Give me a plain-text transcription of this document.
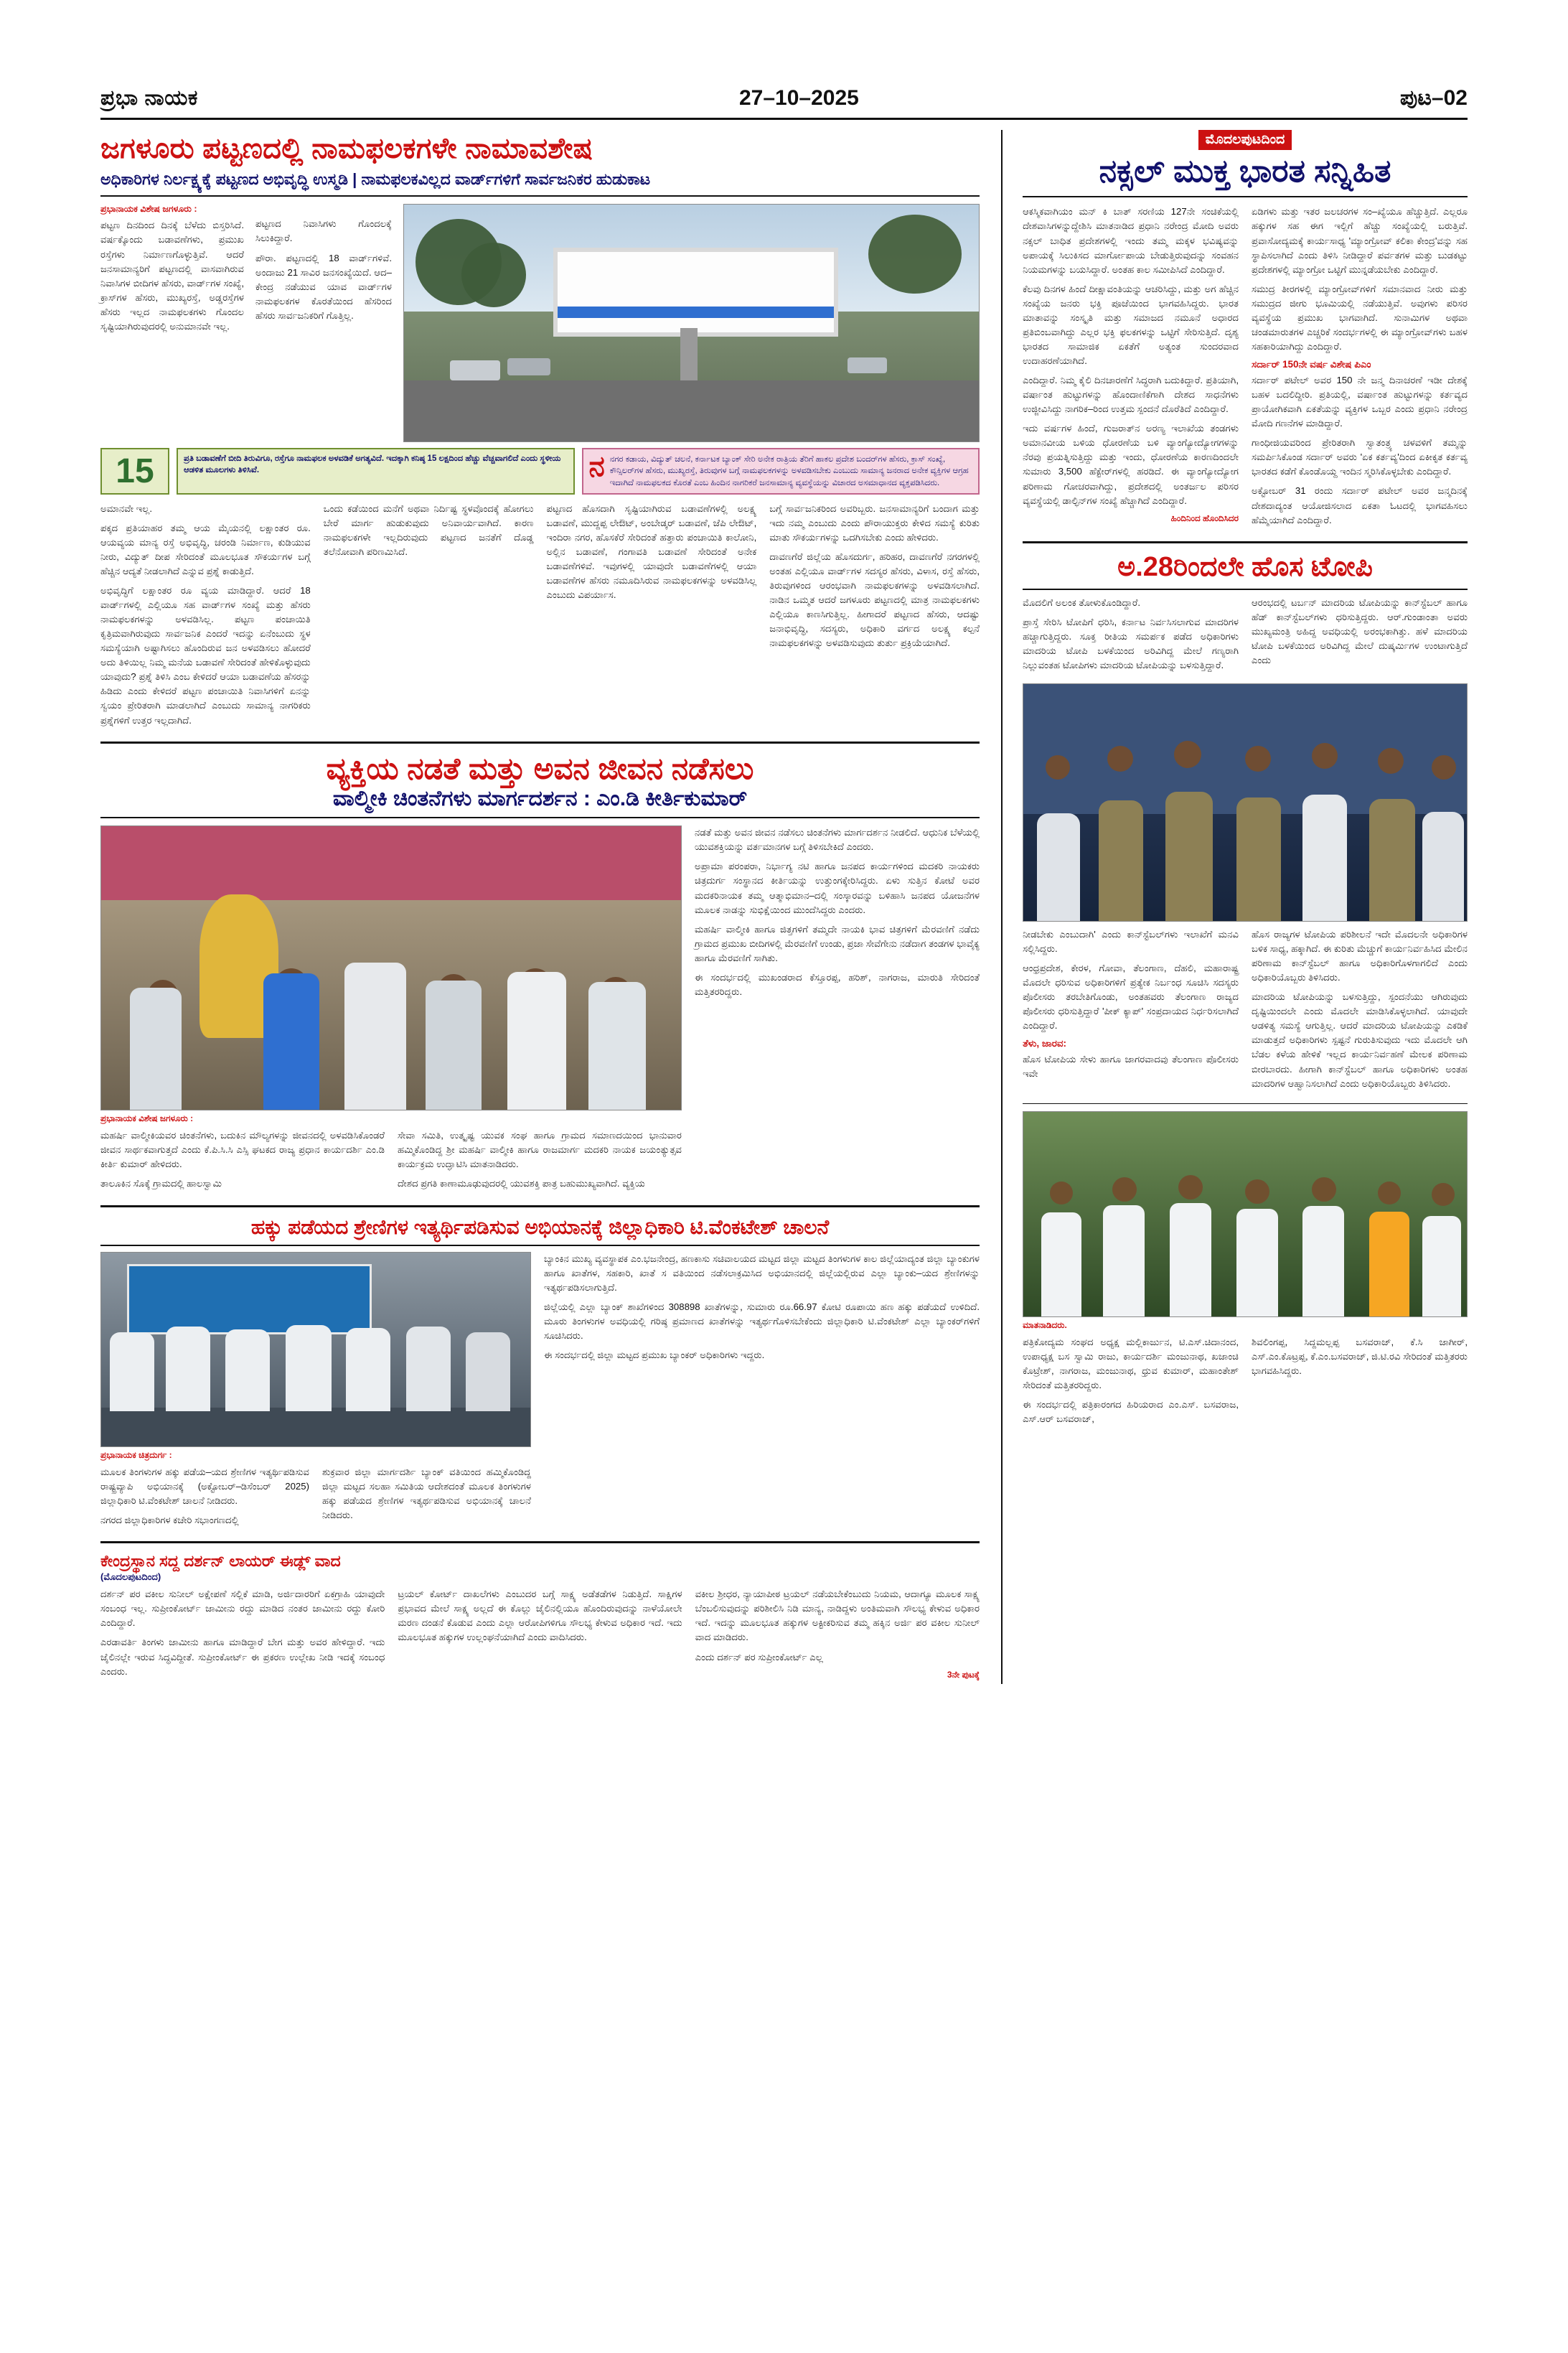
ಪ್ರಭಾ ನಾಯಕ	27–10–2025	ಪುಟ–02
ಜಗಳೂರು ಪಟ್ಟಣದಲ್ಲಿ ನಾಮಫಲಕಗಳೇ ನಾಮಾವಶೇಷ
ಅಧಿಕಾರಿಗಳ ನಿರ್ಲಕ್ಷ್ಯಕ್ಕೆ ಪಟ್ಟಣದ ಅಭಿವೃದ್ಧಿ ಉಸ್ಮಡಿ | ನಾಮಫಲಕವಿಲ್ಲದ ವಾರ್ಡ್‌ಗಳಿಗೆ ಸಾರ್ವಜನಿಕರ ಹುಡುಕಾಟ
ಪ್ರಭಾನಾಯಕ ವಿಶೇಷ ಜಗಳೂರು :

ಪಟ್ಟಣ ದಿನದಿಂದ ದಿನಕ್ಕೆ ಬೆಳೆದು ಬಿಸ್ತರಿಸಿದೆ. ವರ್ಷಕ್ಕೊಂದು ಬಡಾವಣೆಗಳು, ಪ್ರಮುಖ ರಸ್ತೆಗಳು ನಿರ್ಮಾಣಗೊಳ್ಳುತ್ತಿವೆ. ಆದರೆ ಜನಸಾಮಾನ್ಯರಿಗೆ ಪಟ್ಟಣದಲ್ಲಿ ವಾಸವಾಗಿರುವ ನಿವಾಸಿಗಳ ಬೀದಿಗಳ ಹೆಸರು, ವಾರ್ಡ್‌ಗಳ ಸಂಖ್ಯೆ, ಕ್ರಾಸ್‌ಗಳ ಹೆಸರು, ಮುಖ್ಯರಸ್ತೆ, ಅಡ್ಡರಸ್ತೆಗಳ ಹೆಸರು ಇಲ್ಲದ ನಾಮಫಲಕಗಳು ಗೊಂದಲ ಸೃಷ್ಟಿಯಾಗಿರುವುದರಲ್ಲಿ ಅನುಮಾನವೇ ಇಲ್ಲ.

ಪಟ್ಟಣದ ನಿವಾಸಿಗಳು ಗೊಂದಲಕ್ಕೆ ಸಿಲುಕಿದ್ದಾರೆ.

ಪೌರಾ. ಪಟ್ಟಣದಲ್ಲಿ 18 ವಾರ್ಡ್‌ಗಳಿವೆ. ಅಂದಾಜು 21 ಸಾವಿರ ಜನಸಂಖ್ಯೆಯಿದೆ. ಆದ–ಕೇಂದ್ರ ನಡೆಯುವ ಯಾವ ವಾರ್ಡ್‌ಗಳ ನಾಮಫಲಕಗಳ ಕೊರತೆಯಿಂದ ಹೆಸರಿಂದ ಹೆಸರು ಸಾರ್ವಜನಿಕರಿಗೆ ಗೊತ್ತಿಲ್ಲ.

15	ಪ್ರತಿ ಬಡಾವಣೆಗೆ ಬೀದಿ ತಿರುವಿಗೂ, ರಸ್ತೆಗೂ ನಾಮಫಲಕ ಅಳವಡಿಕೆ ಅಗತ್ಯವಿದೆ. ಇದಕ್ಕಾಗಿ ಕನಿಷ್ಠ 15 ಲಕ್ಷದಿಂದ ಹೆಚ್ಚು ವೆಚ್ಚವಾಗಲಿದೆ ಎಂದು ಸ್ಥಳೀಯ ಆಡಳಿತ ಮೂಲಗಳು ತಿಳಿಸಿವೆ.	ನ ನಗರ ಕಡಾಯ, ವಿದ್ಯುತ್ ಚಲನೆ, ಕರ್ನಾಟಕ ಬ್ಯಾಂಕ್ ಸೇರಿ ಅನೇಕ ರಾತ್ರಿಯ ತೆರಿಗೆ ಹಾಕಲ ಪ್ರದೇಶ ಬಂದರ್‌ಗಳ ಹೆಸರು, ಕ್ರಾಸ್ ಸಂಖ್ಯೆ, ಕೌನ್ಸಿಲರ್‌ಗಳ ಹೆಸರು, ಮುಖ್ಯರಸ್ತೆ, ತಿರುವುಗಳ ಬಗ್ಗೆ ನಾಮಫಲಕಗಳನ್ನು ಅಳವಡಿಸಬೇಕು ಎಂಬುದು ಸಾಮಾನ್ಯ ಜನರಾದ ಅನೇಕ ವ್ಯಕ್ತಿಗಳ ಆಗ್ರಹ ಇದಾಗಿದೆ ನಾಮಫಲಕದ ಕೊರತೆ ಎಂಬ ಹಿಂದಿನ ನಾಗರಿಕರೆ ಜನಸಾಮಾನ್ಯ ವ್ಯವಸ್ಥೆಯನ್ನು ವಿಚಾರದ ಅಸಮಾಧಾನದ ವ್ಯಕ್ತಪಡಿಸಿದರು.

ಅಮಾನವೇ ಇಲ್ಲ.

ಪಕ್ಕದ ಪ್ರತಿಯಾಹರ ತಮ್ಮ ಆಯ ಮೈಯನಲ್ಲಿ ಲಕ್ಷಾಂತರ ರೂ. ಆಯವ್ಯಯ ಮಾನ್ಯ ರಸ್ತೆ ಅಭಿವೃದ್ಧಿ, ಚರಂಡಿ ನಿರ್ಮಾಣ, ಕುಡಿಯುವ ನೀರು, ವಿದ್ಯುತ್ ದೀಪ ಸೇರಿದಂತೆ ಮೂಲಭೂತ ಸೌಕರ್ಯಗಳ ಬಗ್ಗೆ ಹೆಚ್ಚಿನ ಆದ್ಯತೆ ನೀಡಲಾಗಿದೆ ಎನ್ನುವ ಪ್ರಶ್ನೆ ಕಾಡುತ್ತಿದೆ.

ಅಭಿವೃದ್ಧಿಗೆ ಲಕ್ಷಾಂತರ ರೂ ವ್ಯಯ ಮಾಡಿದ್ದಾರೆ. ಆದರೆ 18 ವಾರ್ಡ್‌ಗಳಲ್ಲಿ ಎಲ್ಲಿಯೂ ಸಹ ವಾರ್ಡ್‌ಗಳ ಸಂಖ್ಯೆ ಮತ್ತು ಹೆಸರು ನಾಮಫಲಕಗಳನ್ನು ಅಳವಡಿಸಿಲ್ಲ. ಪಟ್ಟಣ ಪಂಚಾಯಿತಿ ಕೃತ್ರಿಮವಾಗಿರುವುದು ಸಾರ್ವಜನಿಕ ಎಂದರೆ ಇದನ್ನು ಏನೆಂಬುದು ಸ್ಥಳ ಸಮಸ್ಯೆಯಾಗಿ ಅಷ್ಟಾಗಿಸಲು ಹೊಂದಿರುವ ಜನ ಅಳವಡಿಸಲು ಹೋದರೆ ಅದು ತಿಳಿಯಿಲ್ಲ ನಿಮ್ಮ ಮನೆಯ ಬಡಾವಣೆ ಸೇರಿದಂತೆ ಹೇಳಿಕೊಳ್ಳುವುದು ಯಾವುದು? ಪ್ರಶ್ನೆ ತಿಳಿಸಿ ಎಂಬ ಕೇಳಿದರೆ ಆಯಾ ಬಡಾವಣೆಯ ಹೆಸರನ್ನು ಹಿಡಿದು ಎಂದು ಕೇಳಿದರೆ ಪಟ್ಟಣ ಪಂಚಾಯಿತಿ ನಿವಾಸಿಗಳಿಗೆ ಏನನ್ನು ಸ್ವಯಂ ಪ್ರೇರಿತರಾಗಿ ಮಾಡಲಾಗಿದೆ ಎಂಬುದು ಸಾಮಾನ್ಯ ನಾಗರಿಕರು ಪ್ರಶ್ನೆಗಳಿಗೆ ಉತ್ತರ ಇಲ್ಲದಾಗಿದೆ.

ಒಂದು ಕಡೆಯಿಂದ ಮನೆಗೆ ಅಥವಾ ನಿರ್ದಿಷ್ಟ ಸ್ಥಳವೊಂದಕ್ಕೆ ಹೋಗಲು ಬೇರೆ ಮಾರ್ಗ ಹುಡುಕುವುದು ಅನಿವಾರ್ಯವಾಗಿದೆ. ಕಾರಣ ನಾಮಫಲಕಗಳೇ ಇಲ್ಲದಿರುವುದು ಪಟ್ಟಣದ ಜನತೆಗೆ ದೊಡ್ಡ ತಲೆನೋವಾಗಿ ಪರಿಣಮಿಸಿದೆ.

ಪಟ್ಟಣದ ಹೊಸದಾಗಿ ಸೃಷ್ಟಿಯಾಗಿರುವ ಬಡಾವಣೆಗಳಲ್ಲಿ ಅಲಕ್ಷ್ಯ ಬಡಾವಣೆ, ಮುದ್ದಪ್ಪ ಲೇಔಟ್, ಅಂಬೇಡ್ಕರ್ ಬಡಾವಣೆ, ಜೆಪಿ ಲೇಔಟ್, ಇಂದಿರಾ ನಗರ, ಹೊಸಕೆರೆ ಸೇರಿದಂತೆ ಹತ್ತಾರು ಪಂಚಾಯಿತಿ ಕಾಲೋನಿ, ಅಲ್ಲಿನ ಬಡಾವಣೆ, ಗಂಗಾವತಿ ಬಡಾವಣೆ ಸೇರಿದಂತೆ ಅನೇಕ ಬಡಾವಣೆಗಳಿವೆ. ಇವುಗಳಲ್ಲಿ ಯಾವುದೇ ಬಡಾವಣೆಗಳಲ್ಲಿ ಆಯಾ ಬಡಾವಣೆಗಳ ಹೆಸರು ನಮೂದಿಸಿರುವ ನಾಮಫಲಕಗಳನ್ನು ಅಳವಡಿಸಿಲ್ಲ ಎಂಬುದು ವಿಪರ್ಯಾಸ.

ಬಗ್ಗೆ ಸಾರ್ವಜನಿಕರಿಂದ ಅವರಿಬ್ಬರು. ಜನಸಾಮಾನ್ಯರಿಗೆ ಬಂದಾಗ ಮತ್ತು ಇದು ನಮ್ಮ ಎಂಬುದು ಎಂದು ಪೌರಾಯುಕ್ತರು ಕೇಳಿದ ಸಮಸ್ಯೆ ಕುರಿತು ಮಾತು ಸೌಕರ್ಯಗಳನ್ನು ಒದಗಿಸಬೇಕು ಎಂದು ಹೇಳಿದರು.

ದಾವಣಗೆರೆ ಜಿಲ್ಲೆಯ ಹೊಸದುರ್ಗ, ಹರಿಹರ, ದಾವಣಗೆರೆ ನಗರಗಳಲ್ಲಿ ಅಂತಹ ಎಲ್ಲಿಯೂ ವಾರ್ಡ್‌ಗಳ ಸದಸ್ಯರ ಹೆಸರು, ವಿಳಾಸ, ರಸ್ತೆ ಹೆಸರು, ತಿರುವುಗಳಿಂದ ಆರಂಭವಾಗಿ ನಾಮಫಲಕಗಳನ್ನು ಅಳವಡಿಸಲಾಗಿದೆ. ನಾಡಿನ ಒಮ್ಮತ ಆದರೆ ಜಗಳೂರು ಪಟ್ಟಣದಲ್ಲಿ ಮಾತ್ರ ನಾಮಫಲಕಗಳು ಎಲ್ಲಿಯೂ ಕಾಣಸಿಗುತ್ತಿಲ್ಲ. ಹೀಗಾದರೆ ಪಟ್ಟಣದ ಹೆಸರು, ಆದಷ್ಟು ಜನಾಭಿವೃದ್ಧಿ, ಸದಸ್ಯರು, ಅಧಿಕಾರಿ ವರ್ಗದ ಅಲಕ್ಷ್ಯ ಕಲ್ಪನೆ ನಾಮಫಲಕಗಳನ್ನು ಅಳವಡಿಸುವುದು ತುರ್ತು ಪ್ರಕ್ರಿಯೆಯಾಗಿದೆ.

ವ್ಯಕ್ತಿಯ ನಡತೆ ಮತ್ತು ಅವನ ಜೀವನ ನಡೆಸಲು
ವಾಲ್ಮೀಕಿ ಚಿಂತನೆಗಳು ಮಾರ್ಗದರ್ಶನ : ಎಂ.ಡಿ ಕೀರ್ತಿಕುಮಾರ್
ಪ್ರಭಾನಾಯಕ ವಿಶೇಷ ಜಗಳೂರು :

ಮಹರ್ಷಿ ವಾಲ್ಮೀಕಿಯವರ ಚಿಂತನೆಗಳು, ಬದುಕಿನ ಮೌಲ್ಯಗಳನ್ನು ಜೀವನದಲ್ಲಿ ಅಳವಡಿಸಿಕೊಂಡರೆ ಜೀವನ ಸಾರ್ಥಕವಾಗುತ್ತದೆ ಎಂದು ಕೆ.ಪಿ.ಸಿ.ಸಿ ಎಸ್ಸಿ ಘಟಕದ ರಾಜ್ಯ ಪ್ರಧಾನ ಕಾರ್ಯದರ್ಶಿ ಎಂ.ಡಿ ಕೀರ್ತಿ ಕುಮಾರ್ ಹೇಳಿದರು.

ತಾಲೂಕಿನ ಸೊಕ್ಕೆ ಗ್ರಾಮದಲ್ಲಿ ಹಾಲಸ್ವಾಮಿ

ಸೇವಾ ಸಮಿತಿ, ಉತ್ಕೃಷ್ಟ ಯುವಕ ಸಂಘ ಹಾಗೂ ಗ್ರಾಮದ ಸಮಾಣದಯಿಂದ ಭಾನುವಾರ ಹಮ್ಮಿಕೊಂಡಿದ್ದ ಶ್ರೀ ಮಹರ್ಷಿ ವಾಲ್ಮೀಕಿ ಹಾಗೂ ರಾಜಮಾರ್ಗ ಮದಕರಿ ನಾಯಕ ಜಯಂತ್ಯುತ್ಸವ ಕಾರ್ಯಕ್ರಮ ಉದ್ಘಾಟಿಸಿ ಮಾತನಾಡಿದರು.

ದೇಶದ ಪ್ರಗತಿ ಕಾಣಾಮೂಢುವುದರಲ್ಲಿ ಯುವಶಕ್ತಿ ಪಾತ್ರ ಬಹುಮುಖ್ಯವಾಗಿದೆ. ವ್ಯಕ್ತಿಯ

ನಡತೆ ಮತ್ತು ಅವನ ಜೀವನ ನಡೆಸಲು ಚಿಂತನೆಗಳು ಮಾರ್ಗದರ್ಶನ ನೀಡಲಿದೆ. ಆಧುನಿಕ ಬೆಳೆಯಲ್ಲಿ ಯುವಶಕ್ತಿಯನ್ನು ವರ್ತಮಾನಗಳ ಬಗ್ಗೆ ತಿಳಿಸಬೇಕಿದೆ ಎಂದರು.

ಅಪ್ರಾಮಾ ಪರಂಪರಾ, ನಿರ್ಭಾಗ್ಯ ನಟಿ ಹಾಗೂ ಜನಪದ ಕಾರ್ಯಗಳಿಂದ ಮದಕರಿ ನಾಯಕರು ಚಿತ್ರದುರ್ಗ ಸಂಸ್ಥಾನದ ಕೀರ್ತಿಯನ್ನು ಉತ್ತುಂಗಕ್ಕೇರಿಸಿದ್ದರು. ಏಳು ಸುತ್ತಿನ ಕೋಟೆ ಅವರ ಮದಕರಿನಾಯಕ ತಮ್ಮ ಆತ್ಮಾಭಿಮಾನ–ದಲ್ಲಿ ಸಂಸ್ಕಾರವನ್ನು ಬಳಿಹಾಸಿ ಜನಪದ ಯೋಜನೆಗಳ ಮೂಲಕ ನಾಡನ್ನು ಸುಭಿಕ್ಷೆಯಿಂದ ಮುಂದೆಸಿದ್ದರು ಎಂದರು.

ಮಹರ್ಷಿ ವಾಲ್ಮೀಕಿ ಹಾಗೂ ಜಿತ್ತಗಳಿಗೆ ತಮ್ಮದೇ ನಾಯಕಿ ಭಾವ ಚಿತ್ರಗಳಿಗೆ ಮೆರವಣಿಗೆ ನಡೆದು ಗ್ರಾಮದ ಪ್ರಮುಖ ಬೀದಿಗಳಲ್ಲಿ ಮೆರವಣಿಗೆ ಉಂಡು, ಪ್ರಜಾ ಸೇವೆಗೇನು ನಡೆದಾಗ ತಂಡಗಳ ಭಾವೈಕ್ಯ ಹಾಗೂ ಮೆರವಣಿಗೆ ಸಾಗಿತು.

ಈ ಸಂದರ್ಭದಲ್ಲಿ ಮುಖಂಡರಾದ ಕೆಸ್ತೂರಪ್ಪ, ಹರಿಶ್, ನಾಗರಾಜ, ಮಾರುತಿ ಸೇರಿದಂತೆ ಮತ್ತಿತರರಿದ್ದರು.

ಹಕ್ಕು ಪಡೆಯದ ಶ್ರೇಣಿಗಳ ಇತ್ಯರ್ಥಿಪಡಿಸುವ ಅಭಿಯಾನಕ್ಕೆ ಜಿಲ್ಲಾಧಿಕಾರಿ ಟಿ.ವೆಂಕಟೇಶ್ ಚಾಲನೆ
ಪ್ರಭಾನಾಯಕ ಚಿತ್ರದುರ್ಗ :

ಮೂಲಕ ತಿಂಗಳುಗಳ ಹಕ್ಕು ಪಡೆಯ–ಯದ ಶ್ರೇಣಿಗಳ ಇತ್ಯರ್ಥಿಪಡಿಸುವ ರಾಷ್ಟ್ರವ್ಯಾಪಿ ಅಭಿಯಾನಕ್ಕೆ (ಅಕ್ಟೋಬರ್–ಡಿಸೆಂಬರ್ 2025) ಜಿಲ್ಲಾಧಿಕಾರಿ ಟಿ.ವೆಂಕಟೇಶ್ ಚಾಲನೆ ನೀಡಿದರು.

ನಗರದ ಜಿಲ್ಲಾಧಿಕಾರಿಗಳ ಕಚೇರಿ ಸಭಾಂಗಣದಲ್ಲಿ

ಶುಕ್ರವಾರ ಜಿಲ್ಲಾ ಮಾರ್ಗದರ್ಶಿ ಬ್ಯಾಂಕ್ ವತಿಯಿಂದ ಹಮ್ಮಿಕೊಂಡಿದ್ದ ಜಿಲ್ಲಾ ಮಟ್ಟದ ಸಲಹಾ ಸಮಿತಿಯ ಆದೇಶದಂತೆ ಮೂಲಕ ತಿಂಗಳುಗಳ ಹಕ್ಕು ಪಡೆಯದ ಶ್ರೇಣಿಗಳ ಇತ್ಯರ್ಥಪಡಿಸುವ ಅಭಿಯಾನಕ್ಕೆ ಚಾಲನೆ ನೀಡಿದರು.

ಬ್ಯಾಂಕಿನ ಮುಖ್ಯ ವ್ಯವಸ್ಥಾಪಕ ಎಂ.ಭಜನೇಂದ್ರ, ಹಣಕಾಸು ಸಚಿವಾಲಯದ ಮಟ್ಟದ ಜಿಲ್ಲಾ ಮಟ್ಟದ ತಿಂಗಳುಗಳ ಕಾಲ ಜಿಲ್ಲೆಯಾದ್ಯಂತ ಜಿಲ್ಲಾ ಬ್ಯಾಂಕುಗಳ ಹಾಗೂ ಖಾತೆಗಳ, ಸಹಕಾರಿ, ಖಾತೆ ಸ ವತಿಯಿಂದ ನಡೆಸಲಾಕ್ರಮಿಸಿದ ಅಭಿಯಾನದಲ್ಲಿ ಜಿಲ್ಲೆಯಲ್ಲಿರುವ ಎಲ್ಲಾ ಬ್ಯಾಂಕು–ಯದ ಶ್ರೇಣಿಗಳನ್ನು ಇತ್ಯರ್ಥಪಡಿಸಲಾಗುತ್ತಿದೆ.

ಜಿಲ್ಲೆಯಲ್ಲಿ ಎಲ್ಲಾ ಬ್ಯಾಂಕ್ ಶಾಖೆಗಳಿಂದ 308898 ಖಾತೆಗಳನ್ನು, ಸುಮಾರು ರೂ.66.97 ಕೋಟಿ ರೂಪಾಯಿ ಹಣ ಹಕ್ಕು ಪಡೆಯದೆ ಉಳಿದಿದೆ. ಮೂರು ತಿಂಗಳುಗಳ ಅವಧಿಯಲ್ಲಿ ಗರಿಷ್ಠ ಪ್ರಮಾಣದ ಖಾತೆಗಳನ್ನು ಇತ್ಯರ್ಥಗೊಳಿಸಬೇಕೆಂದು ಜಿಲ್ಲಾಧಿಕಾರಿ ಟಿ.ವೆಂಕಟೇಶ್ ಎಲ್ಲಾ ಬ್ಯಾಂಕರ್‌ಗಳಿಗೆ ಸೂಚಿಸಿದರು.

ಈ ಸಂದರ್ಭದಲ್ಲಿ ಜಿಲ್ಲಾ ಮಟ್ಟದ ಪ್ರಮುಖ ಬ್ಯಾಂಕರ್ ಅಧಿಕಾರಿಗಳು ಇದ್ದರು.

ಕೇಂದ್ರಸ್ಥಾನ ಸದ್ದ ದರ್ಶನ್ ಲಾಯರ್ ಈಡ್ಲ್ ವಾದ
(ಮೊದಲಪುಟದಿಂದ)

ದರ್ಶನ್ ಪರ ವಕೀಲ ಸುನೀಲ್ ಅಕ್ಷೇಪಣೆ ಸಲ್ಲಿಕೆ ಮಾಡಿ, ಅರ್ಜಿದಾರರಿಗೆ ಏಕಗ್ರಾಹಿ ಯಾವುದೇ ಸಂಬಂಧ ಇಲ್ಲ. ಸುಪ್ರೀಂಕೋರ್ಟ್ ಜಾಮೀನು ರದ್ದು ಮಾಡಿದ ನಂತರ ಜಾಮೀನು ರದ್ದು ಕೋರಿ ಎಂದಿದ್ದಾರೆ.

ಎರಡಾವರ್ತಿ ತಿಂಗಳು ಜಾಮೀನು ಹಾಗೂ ಮಾಡಿದ್ದಾರೆ ಬೇಗ ಮತ್ತು ಅವರ ಹೇಳಿದ್ದಾರೆ. ಇದು ಜೈಲಿನಲ್ಲೇ ಇರುವ ಸಿದ್ಧವಿದ್ದೀತೆ. ಸುಪ್ರೀಂಕೋರ್ಟ್ ಈ ಪ್ರಕರಣ ಉಲ್ಲೇಖ ನೀಡಿ ಇದಕ್ಕೆ ಸಂಬಂಧ ಎಂದರು.

ಟ್ರಯಲ್ ಕೋರ್ಟ್ ದಾಖಲೆಗಳು ಎಂಬುದರ ಬಗ್ಗೆ ಸಾಕ್ಷ್ಯ ಅಡೆತಡೆಗಳ ನಿಡುತ್ತಿದೆ. ಸಾಕ್ಷಿಗಳ ಪ್ರಭಾವದ ಮೇಲೆ ಸಾಕ್ಷ್ಯ ಅಲ್ಲದೆ ಈ ಕೊಲ್ಲು ಜೈಲಿನಲ್ಲಿಯೂ ಹೊಂದಿರುವುದನ್ನು ನಾಳೆಯೋಲೇ ಮರಣ ದಂಡನೆ ಕೊಡುವ ಎಂದು ಎಲ್ಲಾ ಆರೋಪಿಗಳಿಗೂ ಸೌಲಭ್ಯ ಕೇಳುವ ಅಧಿಕಾರ ಇದೆ. ಇದು ಮೂಲಭೂತ ಹಕ್ಕುಗಳ ಉಲ್ಲಂಘನೆಯಾಗಿದೆ ಎಂದು ವಾದಿಸಿದರು.

ವಕೀಲ ಶ್ರೀಧರ, ನ್ಯಾಯಾಪೀಠ ಟ್ರಯಲ್ ನಡೆಯಬೇಕೆಂಬುದು ನಿಯಮ, ಆದಾಗ್ಯೂ ಮೂಲಕ ಸಾಕ್ಷ್ಯ ಬೆಂಬಲಿಸುವುದನ್ನು ಪರಿಶೀಲಿಸಿ ನಿಡಿ ಮಾನ್ಯ, ನಾಡಿದ್ದಳು ಅಂತಿಮವಾಗಿ ಸೌಲಭ್ಯ ಕೇಳುವ ಅಧಿಕಾರ ಇದೆ. ಇದನ್ನು ಮೂಲಭೂತ ಹಕ್ಕುಗಳ ಅಕ್ಟೀಕರಿಸುವ ತಮ್ಮ ಹಕ್ಕಿನ ಅರ್ಜಿ ಪರ ವಕೀಲ ಸುನೀಲ್ ವಾದ ಮಾಡಿದರು.

ಎಂದು ದರ್ಶನ್ ಪರ ಸುಪ್ರೀಂಕೋರ್ಟ್ ಎಲ್ಲ

3ನೇ ಪುಟಕ್ಕೆ
ಮೊದಲಪುಟದಿಂದ
ನಕ್ಸಲ್ ಮುಕ್ತ ಭಾರತ ಸನ್ನಿಹಿತ

ಆಕಸ್ಮಿಕವಾಗಿಯಂ ಮನ್ ಕಿ ಬಾತ್ ಸರಣಿಯ 127ನೇ ಸಂಚಿಕೆಯಲ್ಲಿ ದೇಶವಾಸಿಗಳನ್ನುದ್ದೇಶಿಸಿ ಮಾತನಾಡಿದ ಪ್ರಧಾನಿ ನರೇಂದ್ರ ಮೋದಿ ಅವರು ನಕ್ಸಲ್ ಬಾಧಿತ ಪ್ರದೇಶಗಳಲ್ಲಿ ಇಂದು ತಮ್ಮ ಮಕ್ಕಳ ಭವಿಷ್ಯವನ್ನು ಅಪಾಯಕ್ಕೆ ಸಿಲುಕಿಸದ ಮಾರ್ಗೋಪಾಯ ಬೇಡುತ್ತಿರುವುದನ್ನು ಸಂವಹನ ನಿಯಮಗಳನ್ನು ಬಯಸಿದ್ದಾರೆ. ಅಂತಹ ಕಾಲ ಸಮೀಪಿಸಿದೆ ಎಂದಿದ್ದಾರೆ.

ಕೆಲವು ದಿನಗಳ ಹಿಂದೆ ದೀಕ್ಷಾವಂತಿಯನ್ನು ಆಚರಿಸಿದ್ದು, ಮತ್ತು ಅಗ ಹೆಚ್ಚಿನ ಸಂಖ್ಯೆಯ ಜನರು ಭಕ್ತಿ ಪೂಜೆಯಿಂದ ಭಾಗವಹಿಸಿದ್ದರು. ಭಾರತ ಮಾತಾವನ್ನು ಸಂಸ್ಕೃತಿ ಮತ್ತು ಸಮಾಜದ ನಮೂನೆ ಅಧಾರದ ಪ್ರತಿಬಿಂಬವಾಗಿದ್ದು ಎಲ್ಲರ ಭಕ್ತಿ ಫಲಕಗಳನ್ನು ಒಟ್ಟಿಗೆ ಸೇರಿಸುತ್ತಿದೆ. ದೃಶ್ಯ ಭಾರತದ ಸಾಮಾಜಿಕ ಏಕತೆಗೆ ಅತ್ಯಂತ ಸುಂದರವಾದ ಉದಾಹರಣೆಯಾಗಿದೆ.

ಎಂದಿದ್ದಾರೆ. ನಿಮ್ಮ ಕೈಲಿ ದಿನಚಾರಣೆಗೆ ಸಿದ್ಧರಾಗಿ ಬದುಕಿದ್ದಾರೆ. ಪ್ರತಿಯಾಗಿ, ವರ್ಷಾಂತ ಹುಟ್ಟುಗಳನ್ನು ಹೊಂದಾಣಿಕೆಗಾಗಿ ದೇಶದ ಸಾಧನೆಗಳು ಉಜ್ಜೀವಿಸಿದ್ದು ನಾಗರಿಕ–ರಿಂದ ಉತ್ತಮ ಸ್ಪಂದನೆ ದೊರೆತಿದೆ ಎಂದಿದ್ದಾರೆ.

ಇದು ವರ್ಷಗಳ ಹಿಂದೆ, ಗುಜರಾತ್‌ನ ಅರಣ್ಯ ಇಲಾಖೆಯ ತಂಡಗಳು ಅಮಾನವೀಯ ಬಳಿಯ ಧೋರಣೆಯ ಬಳಿ ವ್ಯಾಂಗ್ಯೋದ್ಯೋಗಗಳನ್ನು ನೆರವು ಪ್ರಯತ್ನಿಸುತ್ತಿದ್ದು ಮತ್ತು ಇಂದು, ಧೋರಣೆಯ ಕಾರಣದಿಂದಲೇ ಸುಮಾರು 3,500 ಹೆಕ್ಟೇರ್‌ಗಳಲ್ಲಿ ಹರಡಿದೆ. ಈ ವ್ಯಾಂಗ್ಯೋದ್ಯೋಗ ಪರಿಣಾಮ ಗೋಚರವಾಗಿದ್ದು, ಪ್ರದೇಶದಲ್ಲಿ ಅಂತರ್ಜಲ ಪರಿಸರ ವ್ಯವಸ್ಥೆಯಲ್ಲಿ ಡಾಲ್ಫಿನ್‌ಗಳ ಸಂಖ್ಯೆ ಹೆಚ್ಚಾಗಿದೆ ಎಂದಿದ್ದಾರೆ.

ಹಿಂದಿನಿಂದ ಹೊಂದಿಸಿದರ

ಏಡಿಗಳು ಮತ್ತು ಇತರ ಜಲಚರಗಳ ಸಂ–ಖ್ಯೆಯೂ ಹೆಚ್ಚುತ್ತಿದೆ. ಎಲ್ಲರೂ ಹಕ್ಕುಗಳ ಸಹ ಈಗ ಇಲ್ಲಿಗೆ ಹೆಚ್ಚು ಸಂಖ್ಯೆಯಲ್ಲಿ ಬರುತ್ತಿವೆ. ಪ್ರವಾಸೋದ್ಯಮಕ್ಕೆ ಕಾರ್ಯಸಾಧ್ಯ 'ಮ್ಯಾಂಗ್ರೋವ್ ಕಲಿಕಾ ಕೇಂದ್ರ'ವನ್ನು ಸಹ ಸ್ಥಾಪಿಸಲಾಗಿದೆ ಎಂದು ತಿಳಿಸಿ ನೀಡಿದ್ದಾರೆ ಪರ್ವತಗಳ ಮತ್ತು ಬುಡಕಟ್ಟು ಪ್ರದೇಶಗಳಲ್ಲಿ ಮ್ಯಾಂಗ್ರೋ ಒಟ್ಟಿಗೆ ಮುನ್ನಡೆಯಬೇಕು ಎಂದಿದ್ದಾರೆ.

ಸಮುದ್ರ ತೀರಗಳಲ್ಲಿ ಮ್ಯಾಂಗ್ರೋವ್‌ಗಳಿಗೆ ಸಮಾನವಾದ ನೀರು ಮತ್ತು ಸಮುದ್ರದ ಜೀಗು ಭೂಮಿಯಲ್ಲಿ ನಡೆಯುತ್ತಿವೆ. ಅವುಗಳು ಪರಿಸರ ವ್ಯವಸ್ಥೆಯ ಪ್ರಮುಖ ಭಾಗವಾಗಿದೆ. ಸುನಾಮಿಗಳ ಅಥವಾ ಚಂಡಮಾರುತಗಳ ಎಚ್ಚರಿಕೆ ಸಂದರ್ಭಗಳಲ್ಲಿ ಈ ಮ್ಯಾಂಗ್ರೋವ್‌ಗಳು ಬಹಳ ಸಹಕಾರಿಯಾಗಿದ್ದು ಎಂದಿದ್ದಾರೆ.

ಸರ್ದಾರ್ 150ನೇ ವರ್ಷ ವಿಶೇಷ ಪಿಎಂ

ಸರ್ದಾರ್ ಪಟೇಲ್ ಅವರ 150 ನೇ ಜನ್ಮ ದಿನಾಚರಣೆ ಇಡೀ ದೇಶಕ್ಕೆ ಬಹಳ ಬದಲಿದ್ದೀರಿ. ಪ್ರತಿಯಲ್ಲಿ, ವರ್ಷಾಂತ ಹುಟ್ಟುಗಳನ್ನು ಕರ್ತವ್ಯದ ಪ್ರಾಯೋಗಿಕವಾಗಿ ಏಕತೆಯನ್ನು ವ್ಯಕ್ತಿಗಳ ಒಬ್ಬರ ಎಂದು ಪ್ರಧಾನಿ ನರೇಂದ್ರ ಮೋದಿ ಗಣನೆಗಳ ಮಾಡಿದ್ದಾರೆ.

ಗಾಂಧೀಜಿಯವರಿಂದ ಪ್ರೇರಿತರಾಗಿ ಸ್ವಾತಂತ್ರ್ಯ ಚಳವಳಿಗೆ ತಮ್ಮನ್ನು ಸಮರ್ಪಿಸಿಕೊಂಡ ಸರ್ದಾರ್ ಅವರು 'ಏಕ ಕರ್ತವ್ಯ'ದಿಂದ ಏಕೀಕೃತ ಕರ್ತವ್ಯ ಭಾರತದ ಕಡೆಗೆ ಕೊಂಡೊಯ್ದ ಇಂದಿನ ಸ್ಮರಿಸಿಕೊಳ್ಳಬೇಕು ಎಂದಿದ್ದಾರೆ.

ಅಕ್ಟೋಬರ್ 31 ರಂದು ಸರ್ದಾರ್ ಪಟೇಲ್ ಅವರ ಜನ್ಮದಿನಕ್ಕೆ ದೇಶದಾದ್ಯಂತ ಆಯೋಜಿಸಲಾದ ಏಕತಾ ಓಟದಲ್ಲಿ ಭಾಗವಹಿಸಲು ಹೆಮ್ಮೆಯಾಗಿದೆ ಎಂದಿದ್ದಾರೆ.

ಅ.28ರಿಂದಲೇ ಹೊಸ ಟೋಪಿ

ಮೊದಲಿಗೆ ಅಲಂಕ ತೋಳುಕೊಂಡಿದ್ದಾರೆ.

ಪ್ರಾಸ್ತೆ ಸೇರಿಸಿ ಟೋಪಿಗೆ ಧರಿಸಿ, ಕರ್ನಾಟ ನಿರ್ವಸಿಸಲಾಗುವ ಮಾದರಿಗಳ ಹಚ್ಚಾಗುತ್ತಿದ್ದರು. ಸೂಕ್ತ ರೀತಿಯ ಸಮರ್ಪಕ ಪಡೆದ ಅಧಿಕಾರಿಗಳು ಮಾದರಿಯ ಟೋಪಿ ಬಳಕೆಯಿಂದ ಅರಿವಿಗಿದ್ದ ಮೇಲೆ ಗಣ್ಯರಾಗಿ ನಿಲ್ಲುವಂತಹ ಟೋಪಿಗಳು ಮಾದರಿಯ ಟೋಪಿಯನ್ನು ಬಳಸುತ್ತಿದ್ದಾರೆ.

ಆರಂಭದಲ್ಲಿ ಟರ್ಬನ್ ಮಾದರಿಯ ಟೋಪಿಯನ್ನು ಕಾನ್‌ಸ್ಟೆಬಲ್ ಹಾಗೂ ಹೆಡ್ ಕಾನ್‌ಸ್ಟೆಬಲ್‌ಗಳು ಧರಿಸುತ್ತಿದ್ದರು. ಆರ್.ಗುಂಡಾಂತಾ ಅವರು ಮುಖ್ಯಮಂತ್ರಿ ಅಹಿದ್ದ ಅವಧಿಯಲ್ಲಿ ಅರಂಭಕಾಗಿತ್ತು. ಹಳೆ ಮಾದರಿಯ ಟೋಪಿ ಬಳಕೆಯಿಂದ ಅರಿವಿಗಿದ್ದ ಮೇಲೆ ದುಷ್ಕರ್ಮಿಗಳ ಉಂಟಾಗುತ್ತಿದೆ ಎಂದು

ನೀಡಬೇಕು ಎಂಬುದಾಗಿ' ಎಂದು ಕಾನ್‌ಸ್ಟೆಬಲ್‌ಗಳು ಇಲಾಖೆಗೆ ಮನವಿ ಸಲ್ಲಿಸಿದ್ದರು.

ಆಂಧ್ರಪ್ರದೇಶ, ಕೇರಳ, ಗೋವಾ, ತೆಲಂಗಾಣ, ದೆಹಲಿ, ಮಹಾರಾಷ್ಟ್ರ ಮೊದಲೇ ಧರಿಸುವ ಅಧಿಕಾರಿಗಳಿಗೆ ಪ್ರತ್ಯೇಕ ನಿರ್ಬಂಧ ಸೂಚಿಸಿ ಸದಸ್ಯರು ಪೊಲೀಸರು ತರಬೇತಿಗೊಂಡು, ಅಂತಹವರು ತೆಲಂಗಾಣ ರಾಜ್ಯದ ಪೊಲೀಸರು ಧರಿಸುತ್ತಿದ್ದಾರೆ 'ಪೀಕ್ ಕ್ಯಾಪ್' ಸಂಪ್ರದಾಯದ ನಿರ್ಧರಿಸಲಾಗಿದೆ ಎಂದಿದ್ದಾರೆ.

ತೆಳು, ಜಾರವ:

ಹೊಸ ಟೋಪಿಯ ಸೇಳು ಹಾಗೂ ಜಾಗರವಾದವು ತೆಲಂಗಾಣ ಪೊಲೀಸರು ಇವೇ

ಹೊಸ ರಾಜ್ಯಗಳ ಟೋಪಿಯ ಪರಿಶೀಲನೆ ಇದೇ ಮೊದಲನೇ ಅಧಿಕಾರಿಗಳ ಬಳಿಕ ಸಾಧ್ಯ, ಹಕ್ಕಾಗಿದೆ. ಈ ಕುರಿತು ಮೆಚ್ಚುಗೆ ಕಾರ್ಯನಿರ್ವಹಿಸಿದ ಮೇಲಿನ ಪರಿಣಾಮ ಕಾನ್‌ಸ್ಟೆಬಲ್ ಹಾಗೂ ಅಧಿಕಾರಿಗೊಳಗಾಗಲಿದೆ ಎಂದು ಅಧಿಕಾರಿಯೊಬ್ಬರು ತಿಳಿಸಿದರು.

ಮಾದರಿಯ ಟೋಪಿಯನ್ನು ಬಳಸುತ್ತಿದ್ದು, ಸ್ಪಂದನೆಯು ಆಗಿರುವುದು ದೃಷ್ಟಿಯಿಂದಲೇ ಎಂದು ಮೊದಲೇ ಮಾಡಿಸಿಕೊಳ್ಳಲಾಗಿದೆ. ಯಾವುದೇ ಆಡಳಿತ್ಯ ಸಮಸ್ಯೆ ಆಗುತ್ತಿಲ್ಲ. ಆದರೆ ಮಾದರಿಯ ಟೋಪಿಯನ್ನು ಎಕಡಿಕೆ ಮಾಡುತ್ತದೆ ಅಧಿಕಾರಿಗಳು ಸ್ಪಷ್ಟನೆ ಗುರುತಿಸುವುದು ಇದು ಮೊದಲೇ ಆಗಿ ಬೆಡಲ ಕಳೆಯ ಹೇಳಿಕೆ ಇಲ್ಲದ ಕಾರ್ಯನಿರ್ವಹಣೆ ಮೇಲಕ ಪರಿಣಾಮ ಬೀರಬಾರದು. ಹೀಗಾಗಿ ಕಾನ್‌ಸ್ಟೆಬಲ್ ಹಾಗೂ ಅಧಿಕಾರಿಗಳು ಅಂತಹ ಮಾದರಿಗಳ ಆಹ್ವಾನಿಸಲಾಗಿದೆ ಎಂದು ಅಧಿಕಾರಿಯೊಬ್ಬರು ತಿಳಿಸಿದರು.

ಮಾತನಾಡಿದರು.

ಪತ್ರಿಕೋದ್ಯಮ ಸಂಘದ ಅಧ್ಯಕ್ಷ ಮಲ್ಲಿಕಾರ್ಜುನ, ಟಿ.ಎಸ್.ಚಿದಾನಂದ, ಉಪಾಧ್ಯಕ್ಷ ಬಸ ಸ್ವಾಮಿ ರಾಜು, ಕಾರ್ಯದರ್ಶಿ ಮಂಜುನಾಥ, ಖಜಾಂಚಿ ಕೊಟ್ರೇಶ್, ನಾಗರಾಜ, ಮಂಜುನಾಥ, ಧ್ರುವ ಕುಮಾರ್, ಮಹಾಂತೇಶ್ ಸೇರಿದಂತೆ ಮತ್ತಿತರರಿದ್ದರು.

ಈ ಸಂದರ್ಭದಲ್ಲಿ ಪತ್ರಿಕಾರಂಗದ ಹಿರಿಯರಾದ ಎಂ.ಎಸ್. ಬಸವರಾಜ, ಎಸ್.ಆರ್ ಬಸವರಾಜ್,

ಶಿವಲಿಂಗಪ್ಪ, ಸಿದ್ದಮಲ್ಲಪ್ಪ ಬಸವರಾಜ್, ಕೆ.ಸಿ ಜಾಗೀರ್, ಎಸ್.ಎಂ.ಕೊಟ್ರಪ್ಪ, ಕೆ.ಎಂ.ಬಸವರಾಜ್, ಜಿ.ಟಿ.ರವಿ ಸೇರಿದಂತೆ ಮತ್ತಿತರರು ಭಾಗವಹಿಸಿದ್ದರು.
